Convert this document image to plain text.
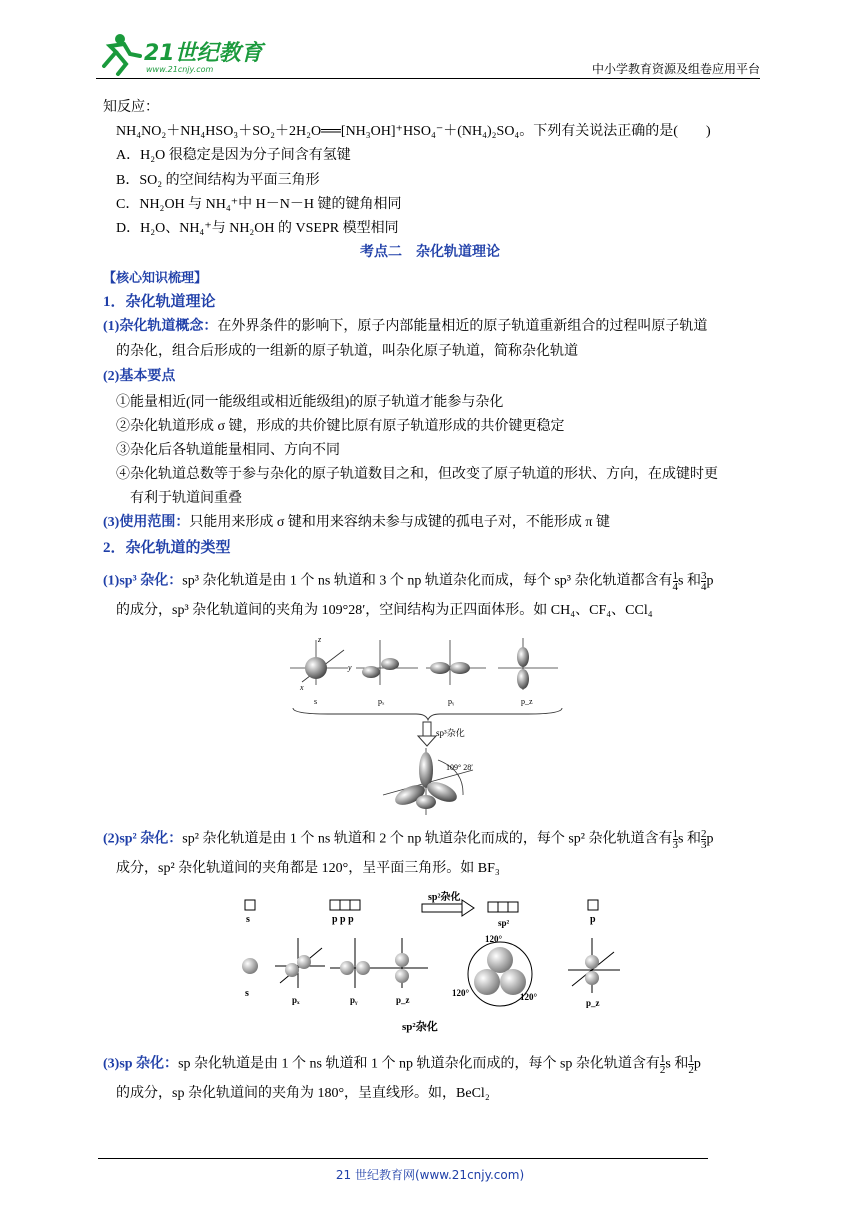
21世纪教育
www.21cnjy.com	中小学教育资源及组卷应用平台
知反应：
NH₄NO₂＋NH₄HSO₃＋SO₂＋2H₂O══[NH₃OH]⁺HSO₄⁻＋(NH₄)₂SO₄。下列有关说法正确的是(　　)
A．H₂O 很稳定是因为分子间含有氢键
B．SO₂ 的空间结构为平面三角形
C．NH₂OH 与 NH₄⁺中 H－N－H 键的键角相同
D．H₂O、NH₄⁺与 NH₂OH 的 VSEPR 模型相同
考点二　杂化轨道理论
【核心知识梳理】
1．杂化轨道理论
(1)杂化轨道概念：在外界条件的影响下，原子内部能量相近的原子轨道重新组合的过程叫原子轨道
的杂化，组合后形成的一组新的原子轨道，叫杂化原子轨道，简称杂化轨道
(2)基本要点
①能量相近(同一能级组或相近能级组)的原子轨道才能参与杂化
②杂化轨道形成 σ 键，形成的共价键比原有原子轨道形成的共价键更稳定
③杂化后各轨道能量相同、方向不同
④杂化轨道总数等于参与杂化的原子轨道数目之和，但改变了原子轨道的形状、方向，在成键时更
有利于轨道间重叠
(3)使用范围：只能用来形成 σ 键和用来容纳未参与成键的孤电子对，不能形成 π 键
2．杂化轨道的类型
(1)sp³ 杂化：sp³ 杂化轨道是由 1 个 ns 轨道和 3 个 np 轨道杂化而成，每个 sp³ 杂化轨道都含有 $\frac{1}{4}$ s 和 $\frac{3}{4}$ p
的成分，sp³ 杂化轨道间的夹角为 109°28′，空间结构为正四面体形。如 CH₄、CF₄、CCl₄
x
y
z
s	pₓ	pᵧ	p_z
sp³杂化
109° 28′
(2)sp² 杂化：sp² 杂化轨道是由 1 个 ns 轨道和 2 个 np 轨道杂化而成的，每个 sp² 杂化轨道含有 $\frac{1}{3}$ s 和 $\frac{2}{3}$ p
成分，sp² 杂化轨道间的夹角都是 120°，呈平面三角形。如 BF₃
s	p p p
sp²杂化
sp²	p
s
pₓ	pᵧ	p_z
120°
120°	120°
p_z
sp²杂化
(3)sp 杂化：sp 杂化轨道是由 1 个 ns 轨道和 1 个 np 轨道杂化而成的，每个 sp 杂化轨道含有 $\frac{1}{2}$ s 和 $\frac{1}{2}$ p
的成分，sp 杂化轨道间的夹角为 180°，呈直线形。如，BeCl₂
21 世纪教育网(www.21cnjy.com)
